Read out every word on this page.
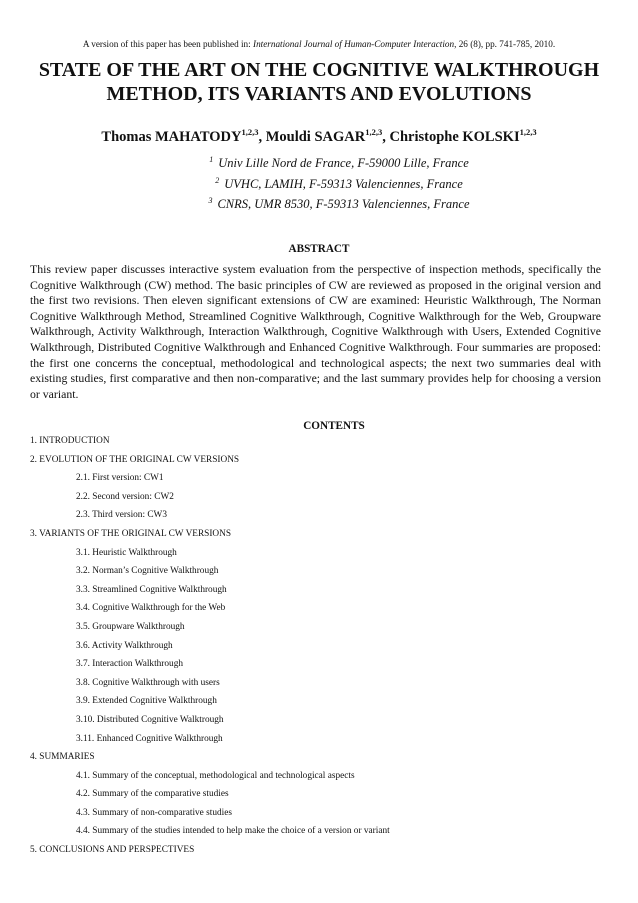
A version of this paper has been published in: International Journal of Human-Computer Interaction, 26 (8), pp. 741-785, 2010.
STATE OF THE ART ON THE COGNITIVE WALKTHROUGH METHOD, ITS VARIANTS AND EVOLUTIONS
Thomas MAHATODY$^{1,2,3}$, Mouldi SAGAR$^{1,2,3}$, Christophe KOLSKI$^{1,2,3}$
$^1$ Univ Lille Nord de France, F-59000 Lille, France
$^2$ UVHC, LAMIH, F-59313 Valenciennes, France
$^3$ CNRS, UMR 8530, F-59313 Valenciennes, France
ABSTRACT

This review paper discusses interactive system evaluation from the perspective of inspection methods, specifically the Cognitive Walkthrough (CW) method. The basic principles of CW are reviewed as proposed in the original version and the first two revisions. Then eleven significant extensions of CW are examined: Heuristic Walkthrough, The Norman Cognitive Walkthrough Method, Streamlined Cognitive Walkthrough, Cognitive Walkthrough for the Web, Groupware Walkthrough, Activity Walkthrough, Interaction Walkthrough, Cognitive Walkthrough with Users, Extended Cognitive Walkthrough, Distributed Cognitive Walkthrough and Enhanced Cognitive Walkthrough. Four summaries are proposed: the first one concerns the conceptual, methodological and technological aspects; the next two summaries deal with existing studies, first comparative and then non-comparative; and the last summary provides help for choosing a version or variant.

CONTENTS
1. INTRODUCTION
2. EVOLUTION OF THE ORIGINAL CW VERSIONS
2.1. First version: CW1
2.2. Second version: CW2
2.3. Third version: CW3
3. VARIANTS OF THE ORIGINAL CW VERSIONS
3.1. Heuristic Walkthrough
3.2. Norman’s Cognitive Walkthrough
3.3. Streamlined Cognitive Walkthrough
3.4. Cognitive Walkthrough for the Web
3.5. Groupware Walkthrough
3.6. Activity Walkthrough
3.7. Interaction Walkthrough
3.8. Cognitive Walkthrough with users
3.9. Extended Cognitive Walkthrough
3.10. Distributed Cognitive Walktrough
3.11. Enhanced Cognitive Walkthrough
4. SUMMARIES
4.1. Summary of the conceptual, methodological and technological aspects
4.2. Summary of the comparative studies
4.3. Summary of non-comparative studies
4.4. Summary of the studies intended to help make the choice of a version or variant
5. CONCLUSIONS AND PERSPECTIVES
